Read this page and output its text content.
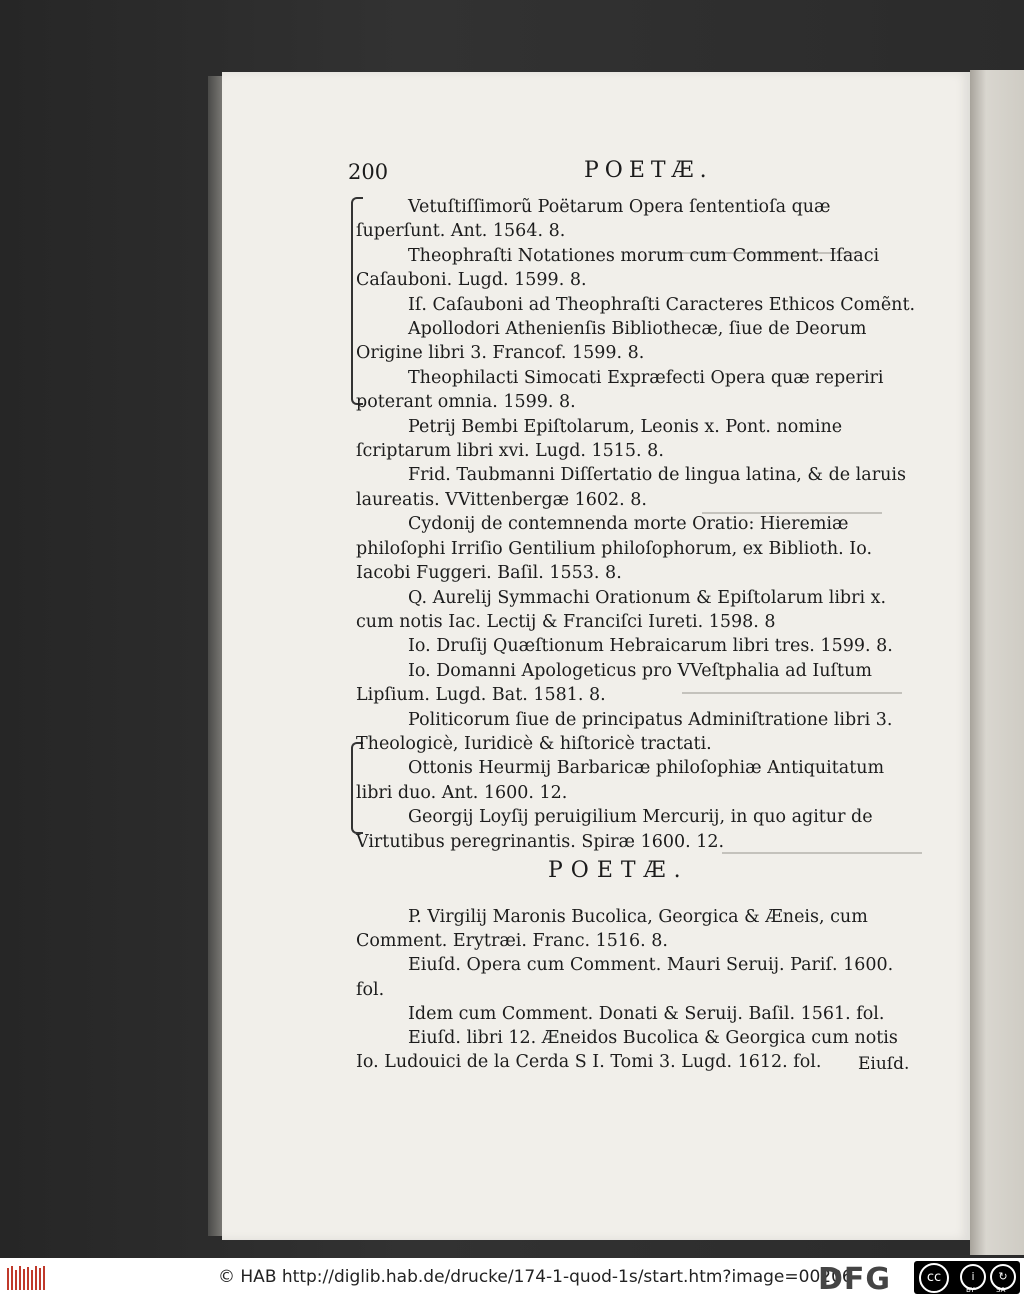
200	POETÆ.

Vetuſtiſſimorũ Poëtarum Opera ſententioſa quæ ſuperſunt. Ant. 1564. 8.

Theophraſti Notationes morum cum Comment. Iſaaci Caſauboni. Lugd. 1599. 8.

Iſ. Caſauboni ad Theophraſti Caracteres Ethicos Comẽnt.

Apollodori Athenienſis Bibliothecæ, ſiue de Deorum Origine libri 3. Francof. 1599. 8.

Theophilacti Simocati Expræfecti Opera quæ reperiri poterant omnia. 1599. 8.

Petrij Bembi Epiſtolarum, Leonis x. Pont. nomine ſcriptarum libri xvi. Lugd. 1515. 8.

Frid. Taubmanni Diſſertatio de lingua latina, & de laruis laureatis. VVittenbergæ 1602. 8.

Cydonij de contemnenda morte Oratio: Hieremiæ philoſophi Irriſio Gentilium philoſophorum, ex Biblioth. Io. Iacobi Fuggeri. Baſil. 1553. 8.

Q. Aurelij Symmachi Orationum & Epiſtolarum libri x. cum notis Iac. Lectij & Franciſci Iureti. 1598. 8

Io. Druſij Quæſtionum Hebraicarum libri tres. 1599. 8.

Io. Domanni Apologeticus pro VVeſtphalia ad Iuſtum Lipſium. Lugd. Bat. 1581. 8.

Politicorum ſiue de principatus Adminiſtratione libri 3. Theologicè, Iuridicè & hiſtoricè tractati.

Ottonis Heurmij Barbaricæ philoſophiæ Antiquitatum libri duo. Ant. 1600. 12.

Georgij Loyſij peruigilium Mercurij, in quo agitur de Virtutibus peregrinantis. Spiræ 1600. 12.

POETÆ.

P. Virgilij Maronis Bucolica, Georgica & Æneis, cum Comment. Erytræi. Franc. 1516. 8.

Eiuſd. Opera cum Comment. Mauri Seruij. Pariſ. 1600. fol.

Idem cum Comment. Donati & Seruij. Baſil. 1561. fol.

Eiuſd. libri 12. Æneidos Bucolica & Georgica cum notis Io. Ludouici de la Cerda S I. Tomi 3. Lugd. 1612. fol.	Eiuſd.
© HAB http://diglib.hab.de/drucke/174-1-quod-1s/start.htm?image=00206
DFG	cc	i	↻
BY	SA
